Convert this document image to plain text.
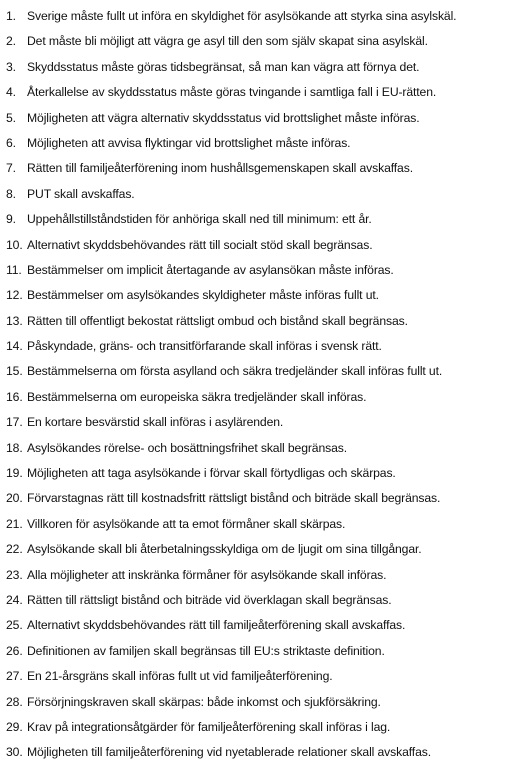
1. Sverige måste fullt ut införa en skyldighet för asylsökande att styrka sina asylskäl.
2. Det måste bli möjligt att vägra ge asyl till den som själv skapat sina asylskäl.
3. Skyddsstatus måste göras tidsbegränsat, så man kan vägra att förnya det.
4. Återkallelse av skyddsstatus måste göras tvingande i samtliga fall i EU-rätten.
5. Möjligheten att vägra alternativ skyddsstatus vid brottslighet måste införas.
6. Möjligheten att avvisa flyktingar vid brottslighet måste införas.
7. Rätten till familjeåterförening inom hushållsgemenskapen skall avskaffas.
8. PUT skall avskaffas.
9. Uppehållstillståndstiden för anhöriga skall ned till minimum: ett år.
10. Alternativt skyddsbehövandes rätt till socialt stöd skall begränsas.
11. Bestämmelser om implicit återtagande av asylansökan måste införas.
12. Bestämmelser om asylsökandes skyldigheter måste införas fullt ut.
13. Rätten till offentligt bekostat rättsligt ombud och bistånd skall begränsas.
14. Påskyndade, gräns- och transitförfarande skall införas i svensk rätt.
15. Bestämmelserna om första asylland och säkra tredjeländer skall införas fullt ut.
16. Bestämmelserna om europeiska säkra tredjeländer skall införas.
17. En kortare besvärstid skall införas i asylärenden.
18. Asylsökandes rörelse- och bosättningsfrihet skall begränsas.
19. Möjligheten att taga asylsökande i förvar skall förtydligas och skärpas.
20. Förvarstagnas rätt till kostnadsfritt rättsligt bistånd och biträde skall begränsas.
21. Villkoren för asylsökande att ta emot förmåner skall skärpas.
22. Asylsökande skall bli återbetalningsskyldiga om de ljugit om sina tillgångar.
23. Alla möjligheter att inskränka förmåner för asylsökande skall införas.
24. Rätten till rättsligt bistånd och biträde vid överklagan skall begränsas.
25. Alternativt skyddsbehövandes rätt till familjeåterförening skall avskaffas.
26. Definitionen av familjen skall begränsas till EU:s striktaste definition.
27. En 21-årsgräns skall införas fullt ut vid familjeåterförening.
28. Försörjningskraven skall skärpas: både inkomst och sjukförsäkring.
29. Krav på integrationsåtgärder för familjeåterförening skall införas i lag.
30. Möjligheten till familjeåterförening vid nyetablerade relationer skall avskaffas.
